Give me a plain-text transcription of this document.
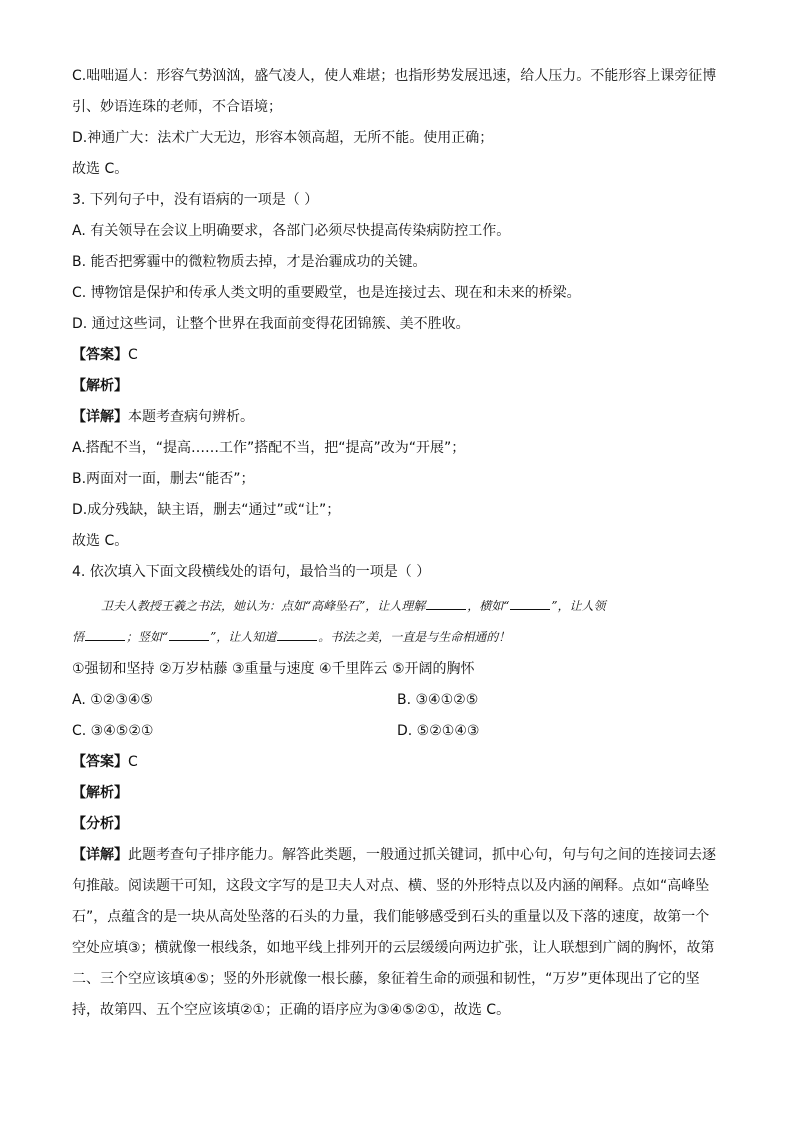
C.咄咄逼人：形容气势汹汹，盛气凌人，使人难堪；也指形势发展迅速，给人压力。不能形容上课旁征博
引、妙语连珠的老师，不合语境；
D.神通广大：法术广大无边，形容本领高超，无所不能。使用正确；
故选 C。
3. 下列句子中，没有语病的一项是（ ）
A. 有关领导在会议上明确要求，各部门必须尽快提高传染病防控工作。
B. 能否把雾霾中的微粒物质去掉，才是治霾成功的关键。
C. 博物馆是保护和传承人类文明的重要殿堂，也是连接过去、现在和未来的桥梁。
D. 通过这些词，让整个世界在我面前变得花团锦簇、美不胜收。
【答案】C
【解析】
【详解】本题考查病句辨析。
A.搭配不当，“提高……工作”搭配不当，把“提高”改为“开展”；
B.两面对一面，删去“能否”；
D.成分残缺，缺主语，删去“通过”或“让”；
故选 C。
4. 依次填入下面文段横线处的语句，最恰当的一项是（ ）
卫夫人教授王羲之书法，她认为：点如“高峰坠石”，让人理解	，横如“	”，让人领
悟	；竖如“	”，让人知道	。书法之美，一直是与生命相通的！
①强韧和坚持 ②万岁枯藤 ③重量与速度 ④千里阵云 ⑤开阔的胸怀
A. ①②③④⑤	B. ③④①②⑤
C. ③④⑤②①	D. ⑤②①④③
【答案】C
【解析】
【分析】
【详解】此题考查句子排序能力。解答此类题，一般通过抓关键词，抓中心句，句与句之间的连接词去逐
句推敲。阅读题干可知，这段文字写的是卫夫人对点、横、竖的外形特点以及内涵的阐释。点如“高峰坠
石”，点蕴含的是一块从高处坠落的石头的力量，我们能够感受到石头的重量以及下落的速度，故第一个
空处应填③；横就像一根线条，如地平线上排列开的云层缓缓向两边扩张，让人联想到广阔的胸怀，故第
二、三个空应该填④⑤；竖的外形就像一根长藤，象征着生命的顽强和韧性，“万岁”更体现出了它的坚
持，故第四、五个空应该填②①；正确的语序应为③④⑤②①，故选 C。
